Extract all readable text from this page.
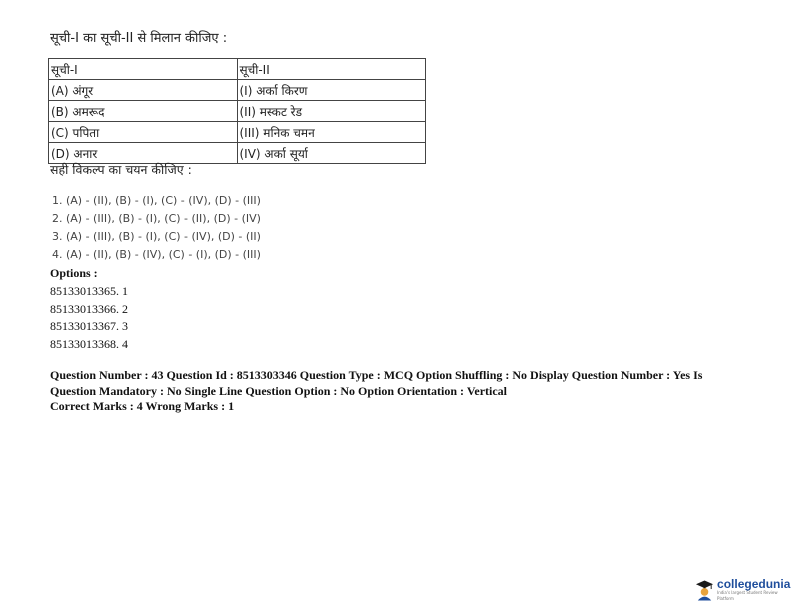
सूची-I का सूची-II से मिलान कीजिए :
सूची-I	सूची-II
(A) अंगूर	(I) अर्का किरण
(B) अमरूद	(II) मस्कट रेड
(C) पपिता	(III) मनिक चमन
(D) अनार	(IV) अर्का सूर्या
सही विकल्प का चयन कीजिए :
1. (A) - (II), (B) - (I), (C) - (IV), (D) - (III)
2. (A) - (III), (B) - (I), (C) - (II), (D) - (IV)
3. (A) - (III), (B) - (I), (C) - (IV), (D) - (II)
4. (A) - (II), (B) - (IV), (C) - (I), (D) - (III)
Options :
85133013365. 1
85133013366. 2
85133013367. 3
85133013368. 4
Question Number : 43 Question Id : 8513303346 Question Type : MCQ Option Shuffling : No Display Question Number : Yes Is Question Mandatory : No Single Line Question Option : No Option Orientation : Vertical
Correct Marks : 4 Wrong Marks : 1
collegedunia
India's largest Student Review Platform
